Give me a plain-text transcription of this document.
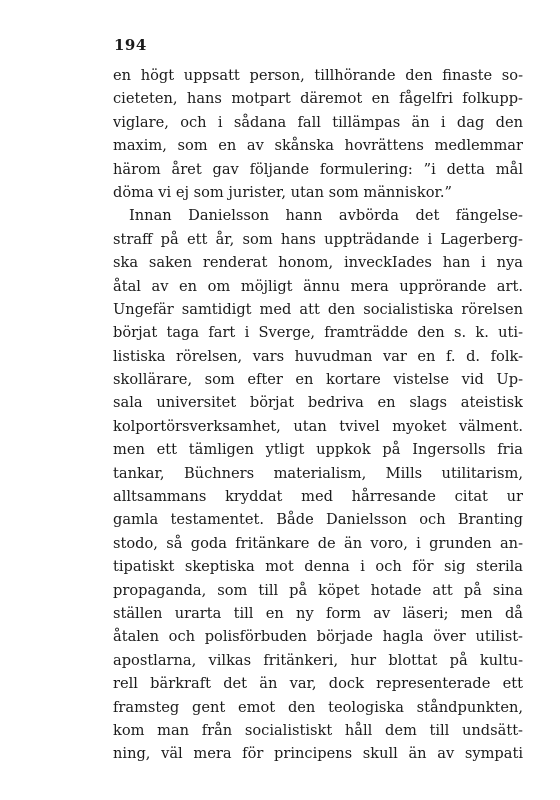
194
en högt uppsatt person, tillhörande den finaste so-
cieteten, hans motpart däremot en fågelfri folkupp-
viglare, och i sådana fall tillämpas än i dag den
maxim, som en av skånska hovrättens medlemmar
härom året gav följande formulering: ”i detta mål
döma vi ej som jurister, utan som människor.”
Innan Danielsson hann avbörda det fängelse-
straff på ett år, som hans uppträdande i Lagerberg-
ska saken renderat honom, inveckIades han i nya
åtal av en om möjligt ännu mera upprörande art.
Ungefär samtidigt med att den socialistiska rörelsen
börjat taga fart i Sverge, framträdde den s. k. uti-
listiska rörelsen, vars huvudman var en f. d. folk-
skollärare, som efter en kortare vistelse vid Up-
sala universitet börjat bedriva en slags ateistisk
kolportörsverksamhet, utan tvivel myoket välment.
men ett tämligen ytligt uppkok på Ingersolls fria
tankar, Büchners materialism, Mills utilitarism,
alltsammans kryddat med hårresande citat ur
gamla testamentet. Både Danielsson och Branting
stodo, så goda fritänkare de än voro, i grunden an-
tipatiskt skeptiska mot denna i och för sig sterila
propaganda, som till på köpet hotade att på sina
ställen urarta till en ny form av läseri; men då
åtalen och polisförbuden började hagla över utilist-
apostlarna, vilkas fritänkeri, hur blottat på kultu-
rell bärkraft det än var, dock representerade ett
framsteg gent emot den teologiska ståndpunkten,
kom man från socialistiskt håll dem till undsätt-
ning, väl mera för principens skull än av sympati
